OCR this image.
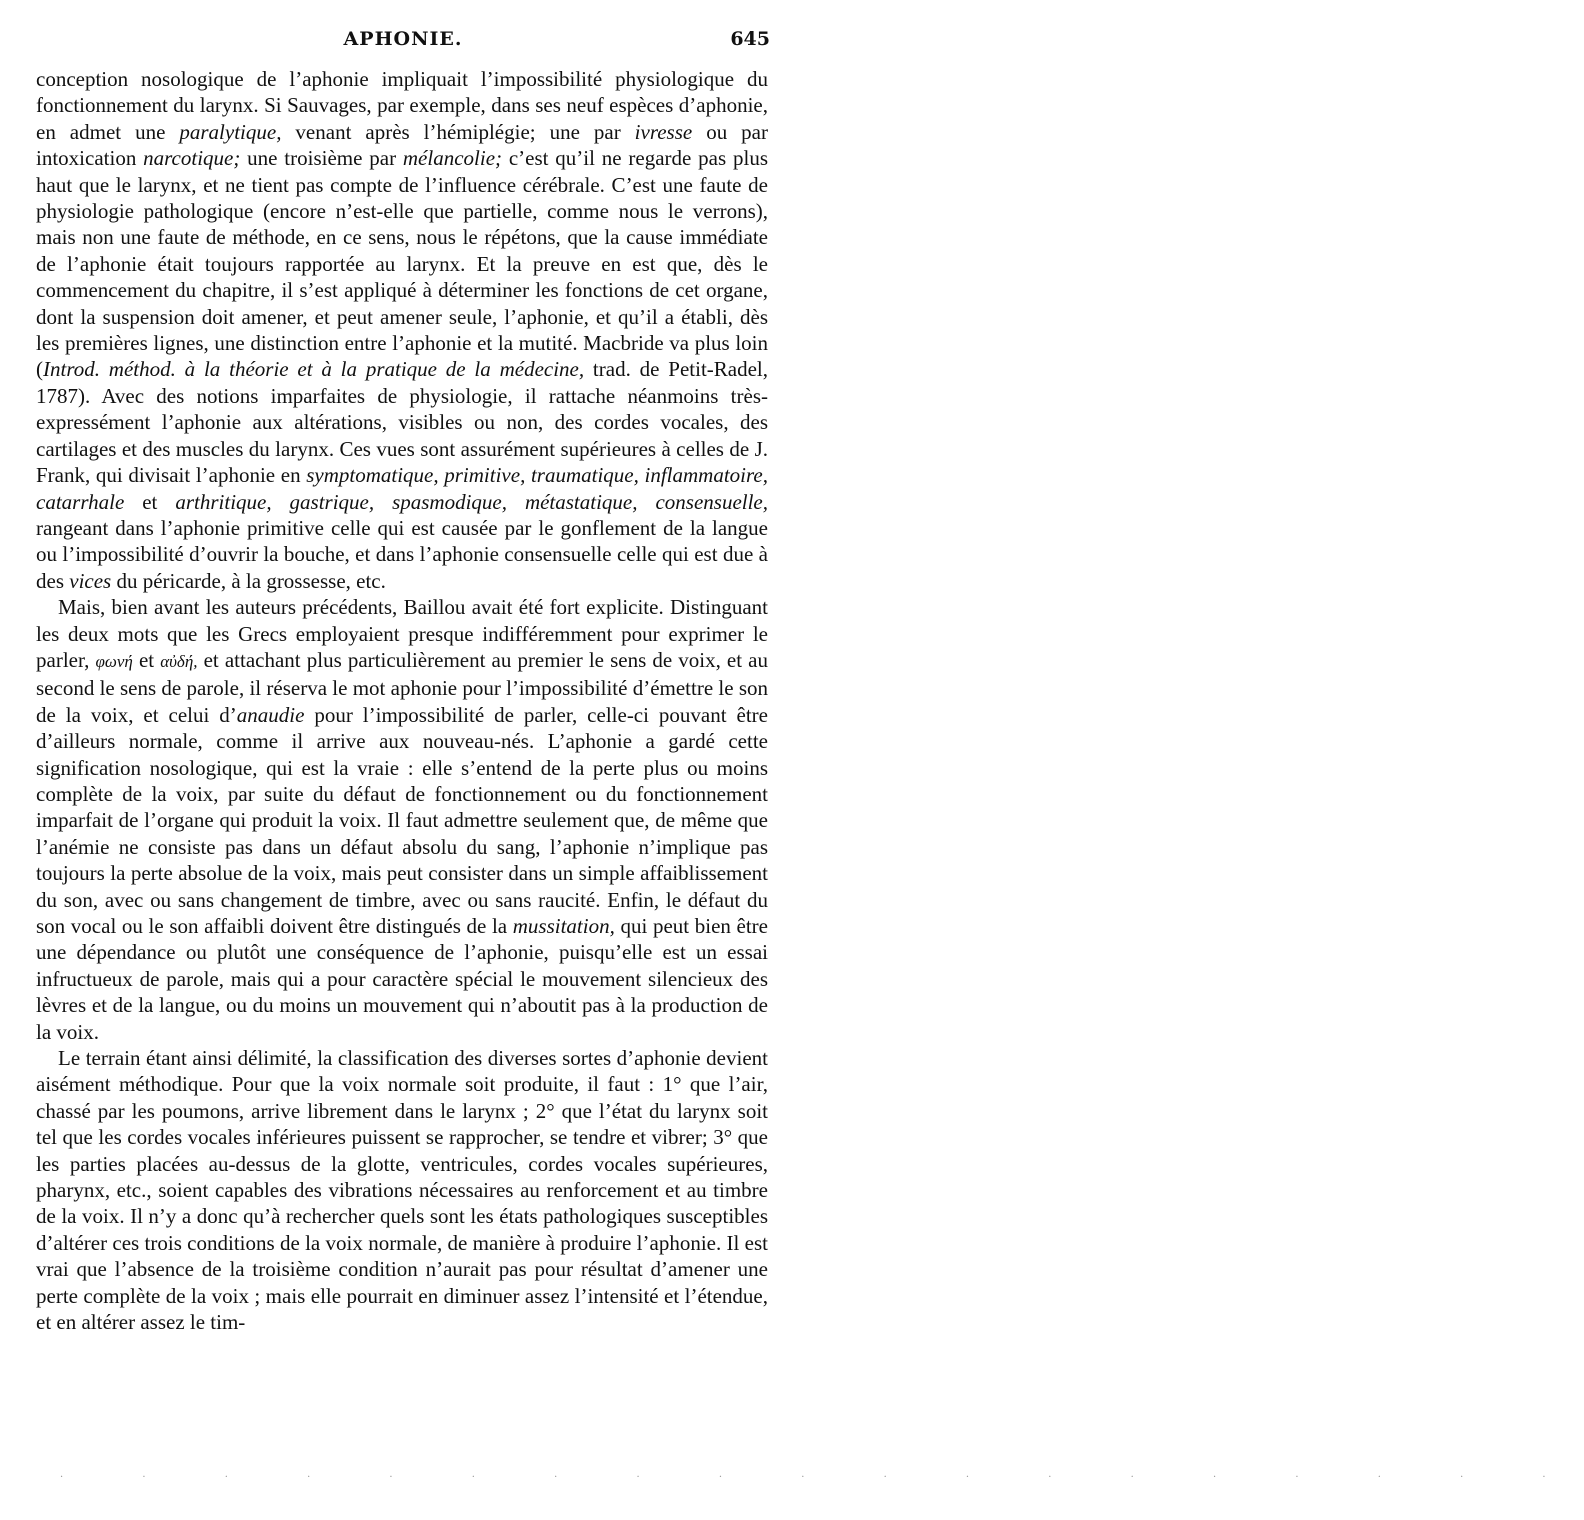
APHONIE.	645

conception nosologique de l’aphonie impliquait l’impossibilité physiologique du fonctionnement du larynx. Si Sauvages, par exemple, dans ses neuf espèces d’aphonie, en admet une paralytique, venant après l’hémiplégie; une par ivresse ou par intoxication narcotique; une troisième par mélancolie; c’est qu’il ne regarde pas plus haut que le larynx, et ne tient pas compte de l’influence cérébrale. C’est une faute de physiologie pathologique (encore n’est-elle que partielle, comme nous le verrons), mais non une faute de méthode, en ce sens, nous le répétons, que la cause immédiate de l’aphonie était toujours rapportée au larynx. Et la preuve en est que, dès le commencement du chapitre, il s’est appliqué à déterminer les fonctions de cet organe, dont la suspension doit amener, et peut amener seule, l’aphonie, et qu’il a établi, dès les premières lignes, une distinction entre l’aphonie et la mutité. Macbride va plus loin (Introd. méthod. à la théorie et à la pratique de la médecine, trad. de Petit-Radel, 1787). Avec des notions imparfaites de physiologie, il rattache néanmoins très-expressément l’aphonie aux altérations, visibles ou non, des cordes vocales, des cartilages et des muscles du larynx. Ces vues sont assurément supérieures à celles de J. Frank, qui divisait l’aphonie en symptomatique, primitive, traumatique, inflammatoire, catarrhale et arthritique, gastrique, spasmodique, métastatique, consensuelle, rangeant dans l’aphonie primitive celle qui est causée par le gonflement de la langue ou l’impossibilité d’ouvrir la bouche, et dans l’aphonie consensuelle celle qui est due à des vices du péricarde, à la grossesse, etc.

Mais, bien avant les auteurs précédents, Baillou avait été fort explicite. Distinguant les deux mots que les Grecs employaient presque indifféremment pour exprimer le parler, φωνή et αὐδή, et attachant plus particulièrement au premier le sens de voix, et au second le sens de parole, il réserva le mot aphonie pour l’impossibilité d’émettre le son de la voix, et celui d’anaudie pour l’impossibilité de parler, celle-ci pouvant être d’ailleurs normale, comme il arrive aux nouveau-nés. L’aphonie a gardé cette signification nosologique, qui est la vraie : elle s’entend de la perte plus ou moins complète de la voix, par suite du défaut de fonctionnement ou du fonctionnement imparfait de l’organe qui produit la voix. Il faut admettre seulement que, de même que l’anémie ne consiste pas dans un défaut absolu du sang, l’aphonie n’implique pas toujours la perte absolue de la voix, mais peut consister dans un simple affaiblissement du son, avec ou sans changement de timbre, avec ou sans raucité. Enfin, le défaut du son vocal ou le son affaibli doivent être distingués de la mussitation, qui peut bien être une dépendance ou plutôt une conséquence de l’aphonie, puisqu’elle est un essai infructueux de parole, mais qui a pour caractère spécial le mouvement silencieux des lèvres et de la langue, ou du moins un mouvement qui n’aboutit pas à la production de la voix.

Le terrain étant ainsi délimité, la classification des diverses sortes d’aphonie devient aisément méthodique. Pour que la voix normale soit produite, il faut : 1° que l’air, chassé par les poumons, arrive librement dans le larynx ; 2° que l’état du larynx soit tel que les cordes vocales inférieures puissent se rapprocher, se tendre et vibrer; 3° que les parties placées au-dessus de la glotte, ventricules, cordes vocales supérieures, pharynx, etc., soient capables des vibrations nécessaires au renforcement et au timbre de la voix. Il n’y a donc qu’à rechercher quels sont les états pathologiques susceptibles d’altérer ces trois conditions de la voix normale, de manière à produire l’aphonie. Il est vrai que l’absence de la troisième condition n’aurait pas pour résultat d’amener une perte complète de la voix ; mais elle pourrait en diminuer assez l’intensité et l’étendue, et en altérer assez le tim-

· · · · · · · · · · · · · · · · · · ·
